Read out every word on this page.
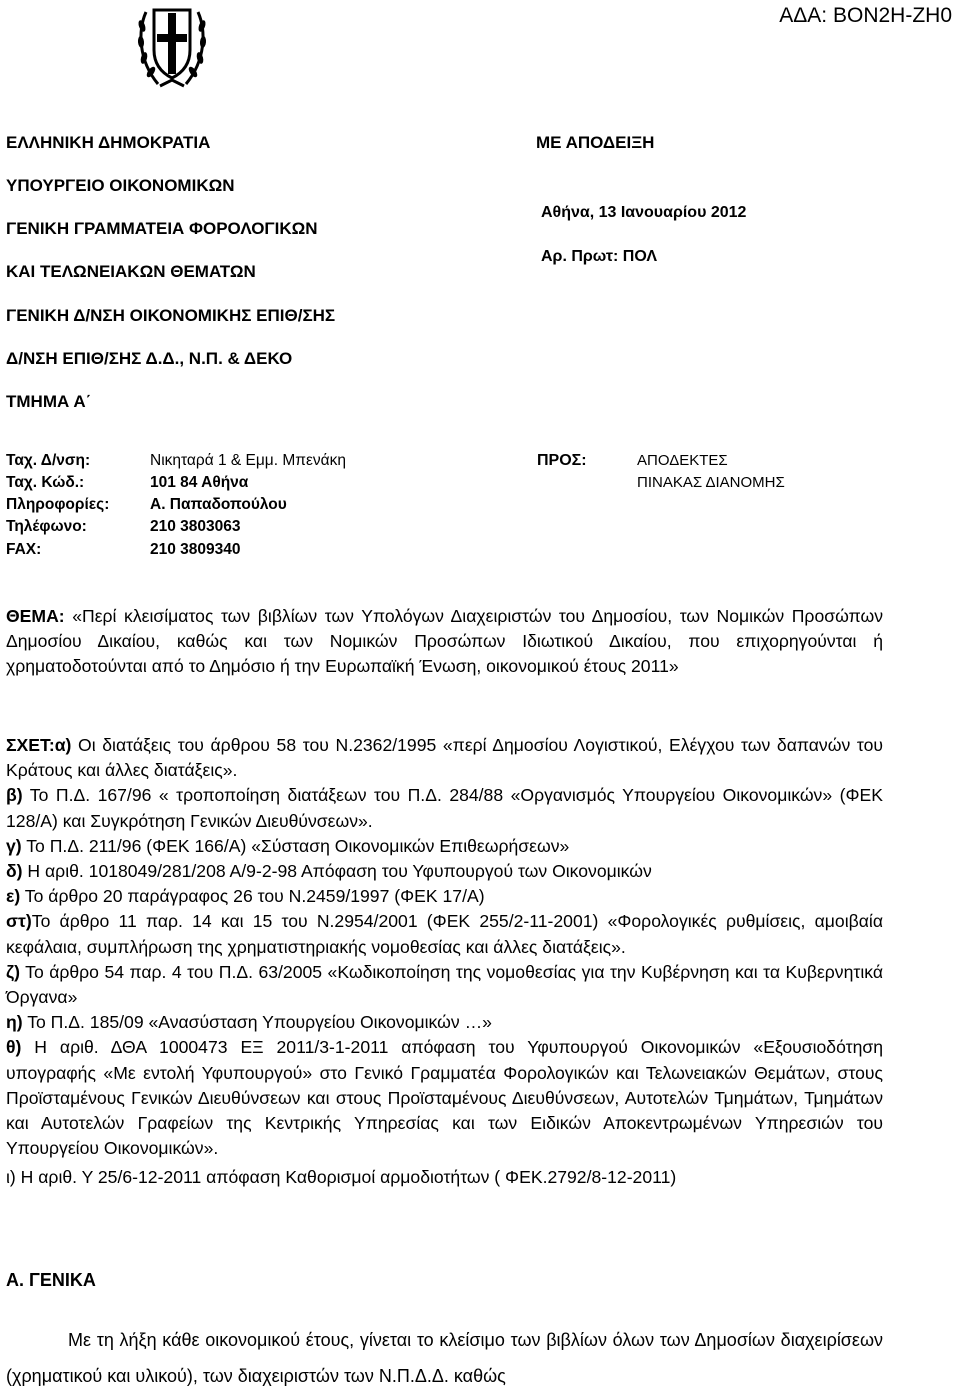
ΑΔΑ: ΒΟΝ2Η-ΖΗ0
ΕΛΛΗΝΙΚΗ ΔΗΜΟΚΡΑΤΙΑ
ΥΠΟΥΡΓΕΙΟ ΟΙΚΟΝΟΜΙΚΩΝ
ΓΕΝΙΚΗ ΓΡΑΜΜΑΤΕΙΑ ΦΟΡΟΛΟΓΙΚΩΝ
ΚΑΙ ΤΕΛΩΝΕΙΑΚΩΝ ΘΕΜΑΤΩΝ
ΓΕΝΙΚΗ Δ/ΝΣΗ ΟΙΚΟΝΟΜΙΚΗΣ ΕΠΙΘ/ΣΗΣ
Δ/ΝΣΗ ΕΠΙΘ/ΣΗΣ Δ.Δ., Ν.Π. & ΔΕΚΟ
ΤΜΗΜΑ Α΄
ΜΕ ΑΠΟΔΕΙΞΗ
Αθήνα, 13 Ιανουαρίου 2012
Αρ. Πρωτ: ΠΟΛ
Ταχ. Δ/νση:	Νικηταρά 1 & Εμμ. Μπενάκη
Ταχ. Κώδ.:	101 84 Αθήνα
Πληροφορίες:	Α. Παπαδοπούλου
Τηλέφωνο:	210 3803063
FAX:	210 3809340
ΠΡΟΣ:	ΑΠΟΔΕΚΤΕΣ
ΠΙΝΑΚΑΣ ΔΙΑΝΟΜΗΣ

ΘΕΜΑ: «Περί κλεισίματος των βιβλίων των Υπολόγων Διαχειριστών του Δημοσίου, των Νομικών Προσώπων Δημοσίου Δικαίου, καθώς και των Νομικών Προσώπων Ιδιωτικού Δικαίου, που επιχορηγούνται ή χρηματοδοτούνται από το Δημόσιο ή την Ευρωπαϊκή Ένωση, οικονομικού έτους 2011»

ΣΧΕΤ:α) Οι διατάξεις του άρθρου 58 του Ν.2362/1995 «περί Δημοσίου Λογιστικού, Ελέγχου των δαπανών του Κράτους και άλλες διατάξεις».

β) Το Π.Δ. 167/96 « τροποποίηση διατάξεων του Π.Δ. 284/88 «Οργανισμός Υπουργείου Οικονομικών» (ΦΕΚ 128/Α) και Συγκρότηση Γενικών Διευθύνσεων».

γ) Το Π.Δ. 211/96 (ΦΕΚ 166/Α) «Σύσταση Οικονομικών Επιθεωρήσεων»

δ) Η αριθ. 1018049/281/208 Α/9-2-98 Απόφαση του Υφυπουργού των Οικονομικών

ε) Το άρθρο 20 παράγραφος 26 του Ν.2459/1997 (ΦΕΚ 17/Α)

στ)Το άρθρο 11 παρ. 14 και 15 του Ν.2954/2001 (ΦΕΚ 255/2-11-2001) «Φορολογικές ρυθμίσεις, αμοιβαία κεφάλαια, συμπλήρωση της χρηματιστηριακής νομοθεσίας και άλλες διατάξεις».

ζ) Το άρθρο 54 παρ. 4 του Π.Δ. 63/2005 «Κωδικοποίηση της νομοθεσίας για την Κυβέρνηση και τα Κυβερνητικά Όργανα»

η) Το Π.Δ. 185/09 «Ανασύσταση Υπουργείου Οικονομικών …»

θ) Η αριθ. ΔΘΑ 1000473 ΕΞ 2011/3-1-2011 απόφαση του Υφυπουργού Οικονομικών «Εξουσιοδότηση υπογραφής «Με εντολή Υφυπουργού» στο Γενικό Γραμματέα Φορολογικών και Τελωνειακών Θεμάτων, στους Προϊσταμένους Γενικών Διευθύνσεων και στους Προϊσταμένους Διευθύνσεων, Αυτοτελών Τμημάτων, Τμημάτων και Αυτοτελών Γραφείων της Κεντρικής Υπηρεσίας και των Ειδικών Αποκεντρωμένων Υπηρεσιών του Υπουργείου Οικονομικών».

ι) Η αριθ. Υ 25/6-12-2011 απόφαση Καθορισμοί αρμοδιοτήτων ( ΦΕΚ.2792/8-12-2011)

Α. ΓΕΝΙΚΑ
Με τη λήξη κάθε οικονομικού έτους, γίνεται το κλείσιμο των βιβλίων όλων των Δημοσίων διαχειρίσεων (χρηματικού και υλικού), των διαχειριστών των Ν.Π.Δ.Δ. καθώς
